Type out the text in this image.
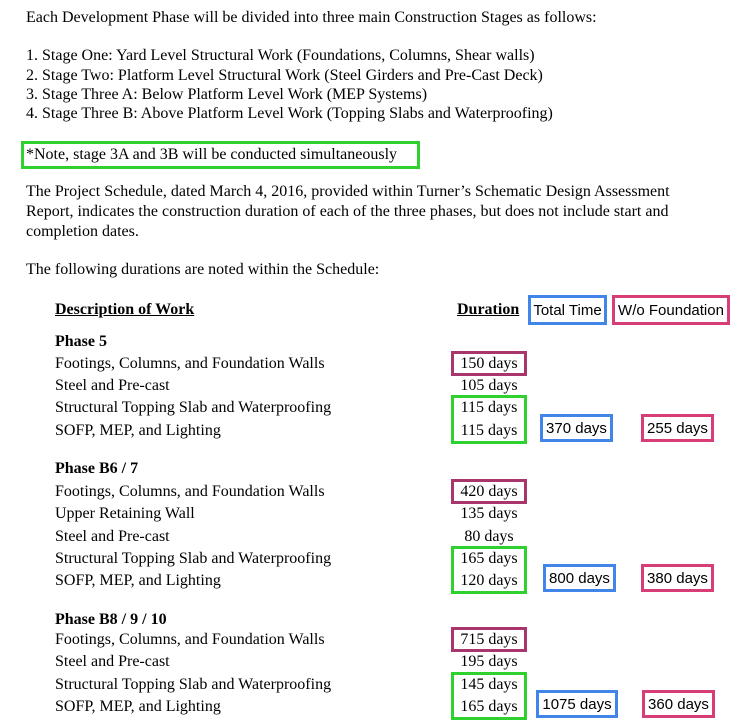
Each Development Phase will be divided into three main Construction Stages as follows:
1. Stage One: Yard Level Structural Work (Foundations, Columns, Shear walls)
2. Stage Two: Platform Level Structural Work (Steel Girders and Pre-Cast Deck)
3. Stage Three A: Below Platform Level Work (MEP Systems)
4. Stage Three B: Above Platform Level Work (Topping Slabs and Waterproofing)
*Note, stage 3A and 3B will be conducted simultaneously
The Project Schedule, dated March 4, 2016, provided within Turner’s Schematic Design Assessment
Report, indicates the construction duration of each of the three phases, but does not include start and
completion dates.
The following durations are noted within the Schedule:
Description of Work	Duration Total Time	W/o Foundation
Phase 5
Footings, Columns, and Foundation Walls	150 days
Steel and Pre-cast	105 days
Structural Topping Slab and Waterproofing	115 days
SOFP, MEP, and Lighting	115 days	370 days	255 days
Phase B6 / 7
Footings, Columns, and Foundation Walls	420 days
Upper Retaining Wall	135 days
Steel and Pre-cast	80 days
Structural Topping Slab and Waterproofing	165 days
SOFP, MEP, and Lighting	120 days	800 days	380 days
Phase B8 / 9 / 10
Footings, Columns, and Foundation Walls	715 days
Steel and Pre-cast	195 days
Structural Topping Slab and Waterproofing	145 days
SOFP, MEP, and Lighting	165 days	1075 days	360 days
